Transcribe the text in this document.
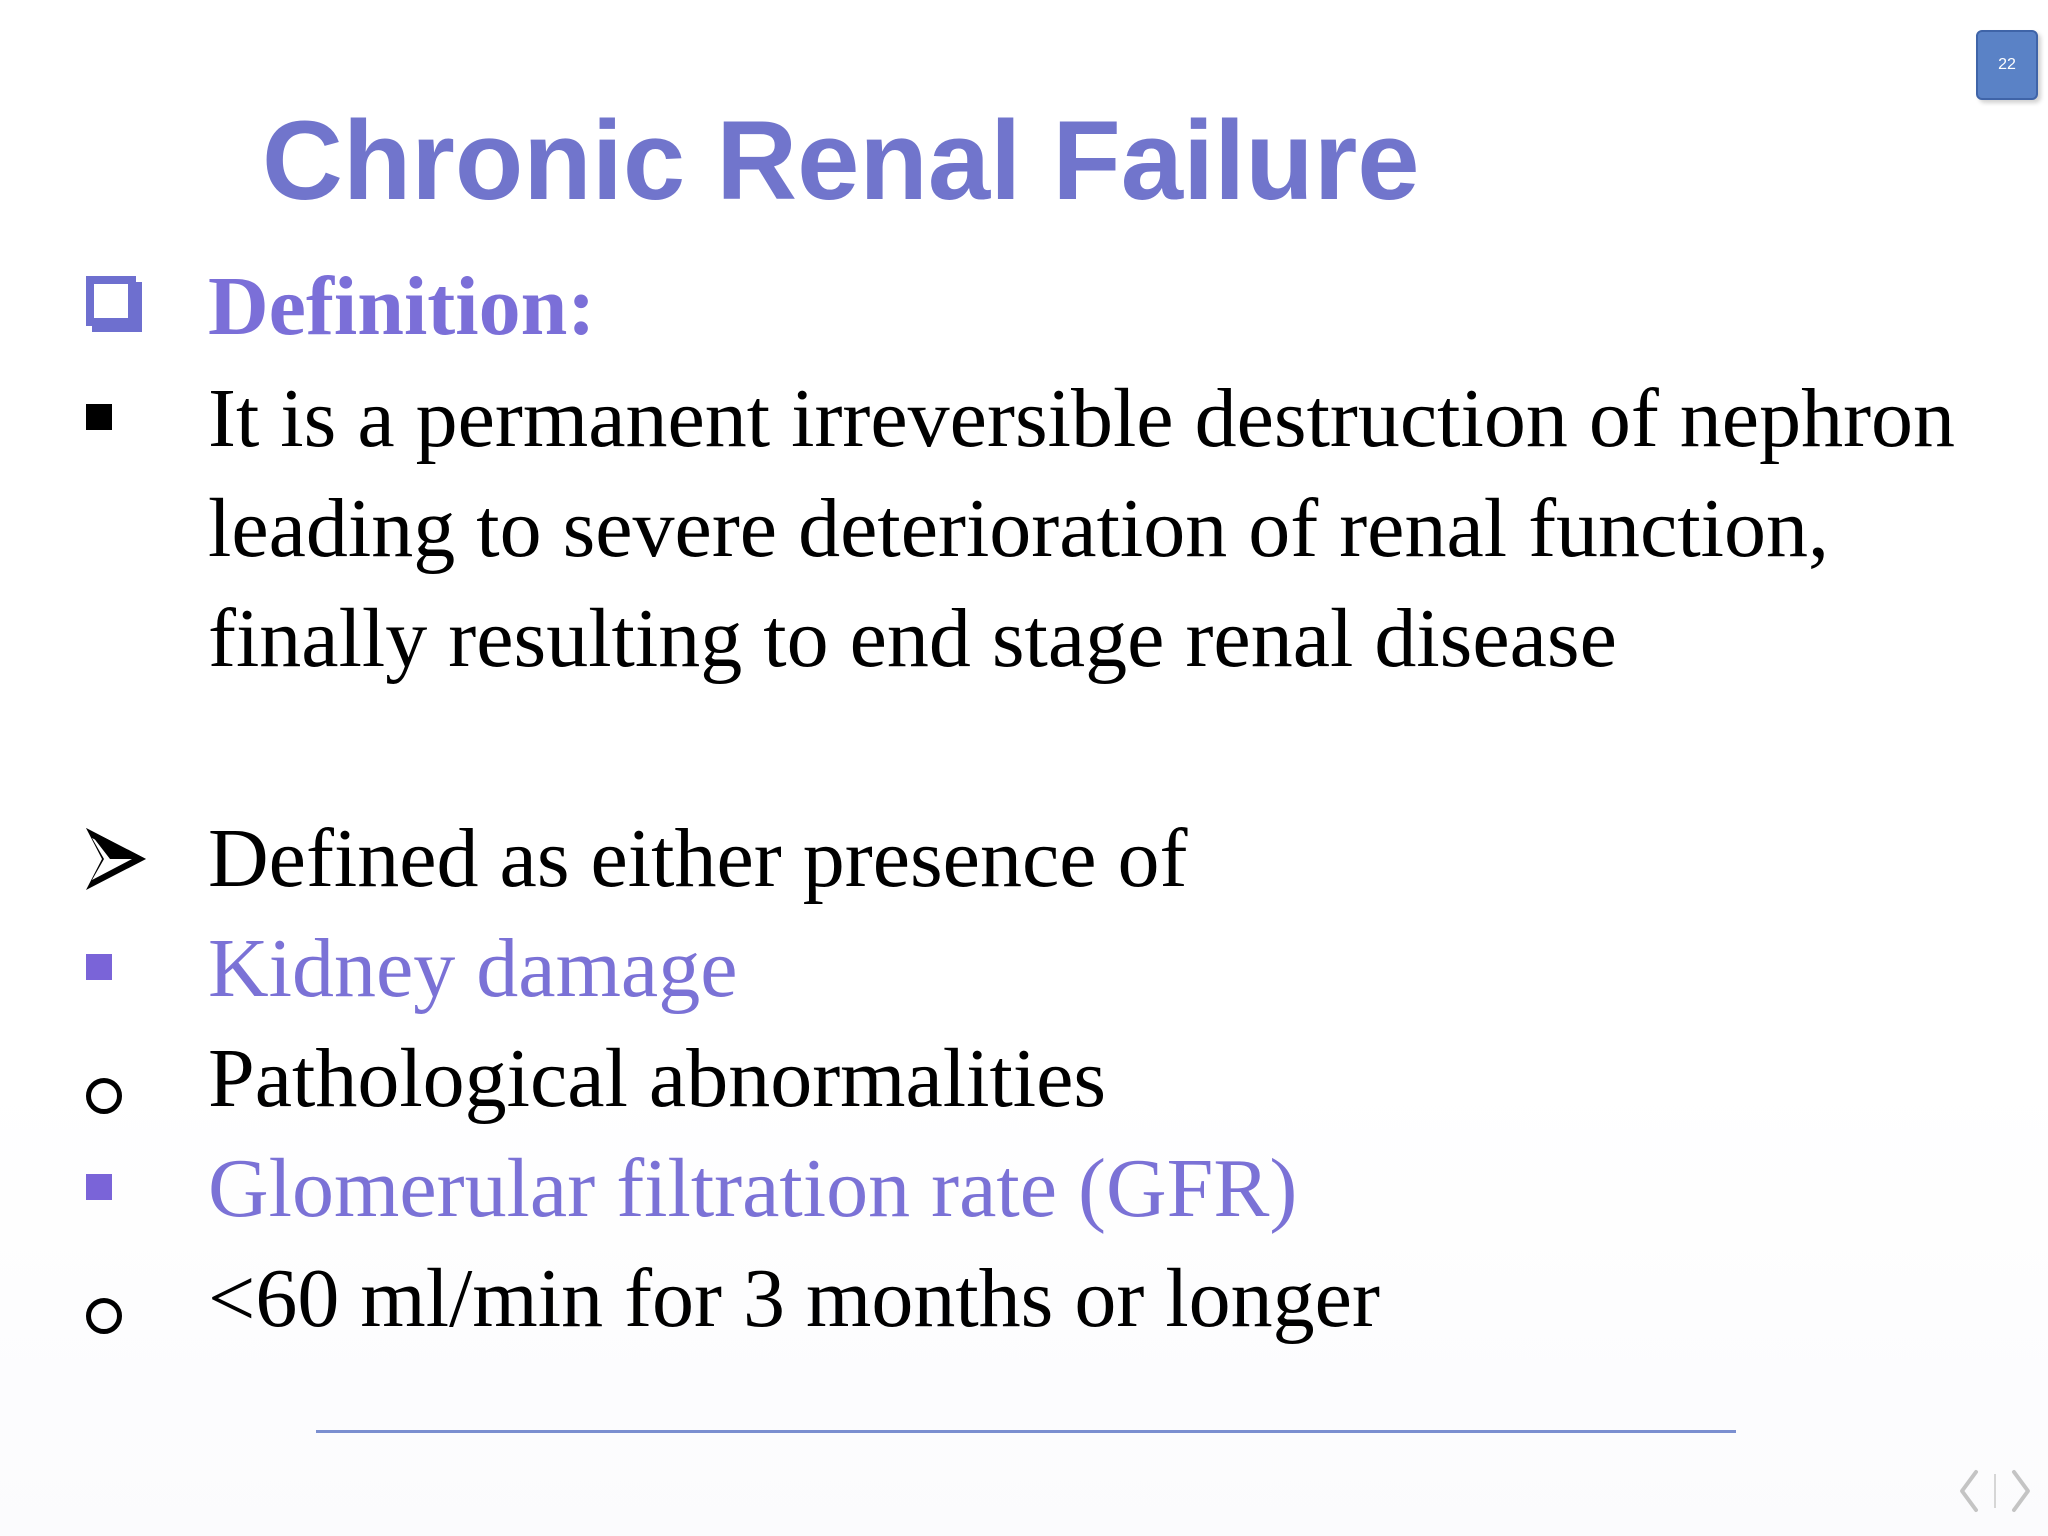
22
Chronic Renal Failure
Definition:
It is a permanent irreversible destruction of nephron leading to severe deterioration of renal function, finally resulting to end stage renal disease
Defined as either presence of
Kidney damage
Pathological abnormalities
Glomerular filtration rate (GFR)
<60 ml/min for 3 months or longer
